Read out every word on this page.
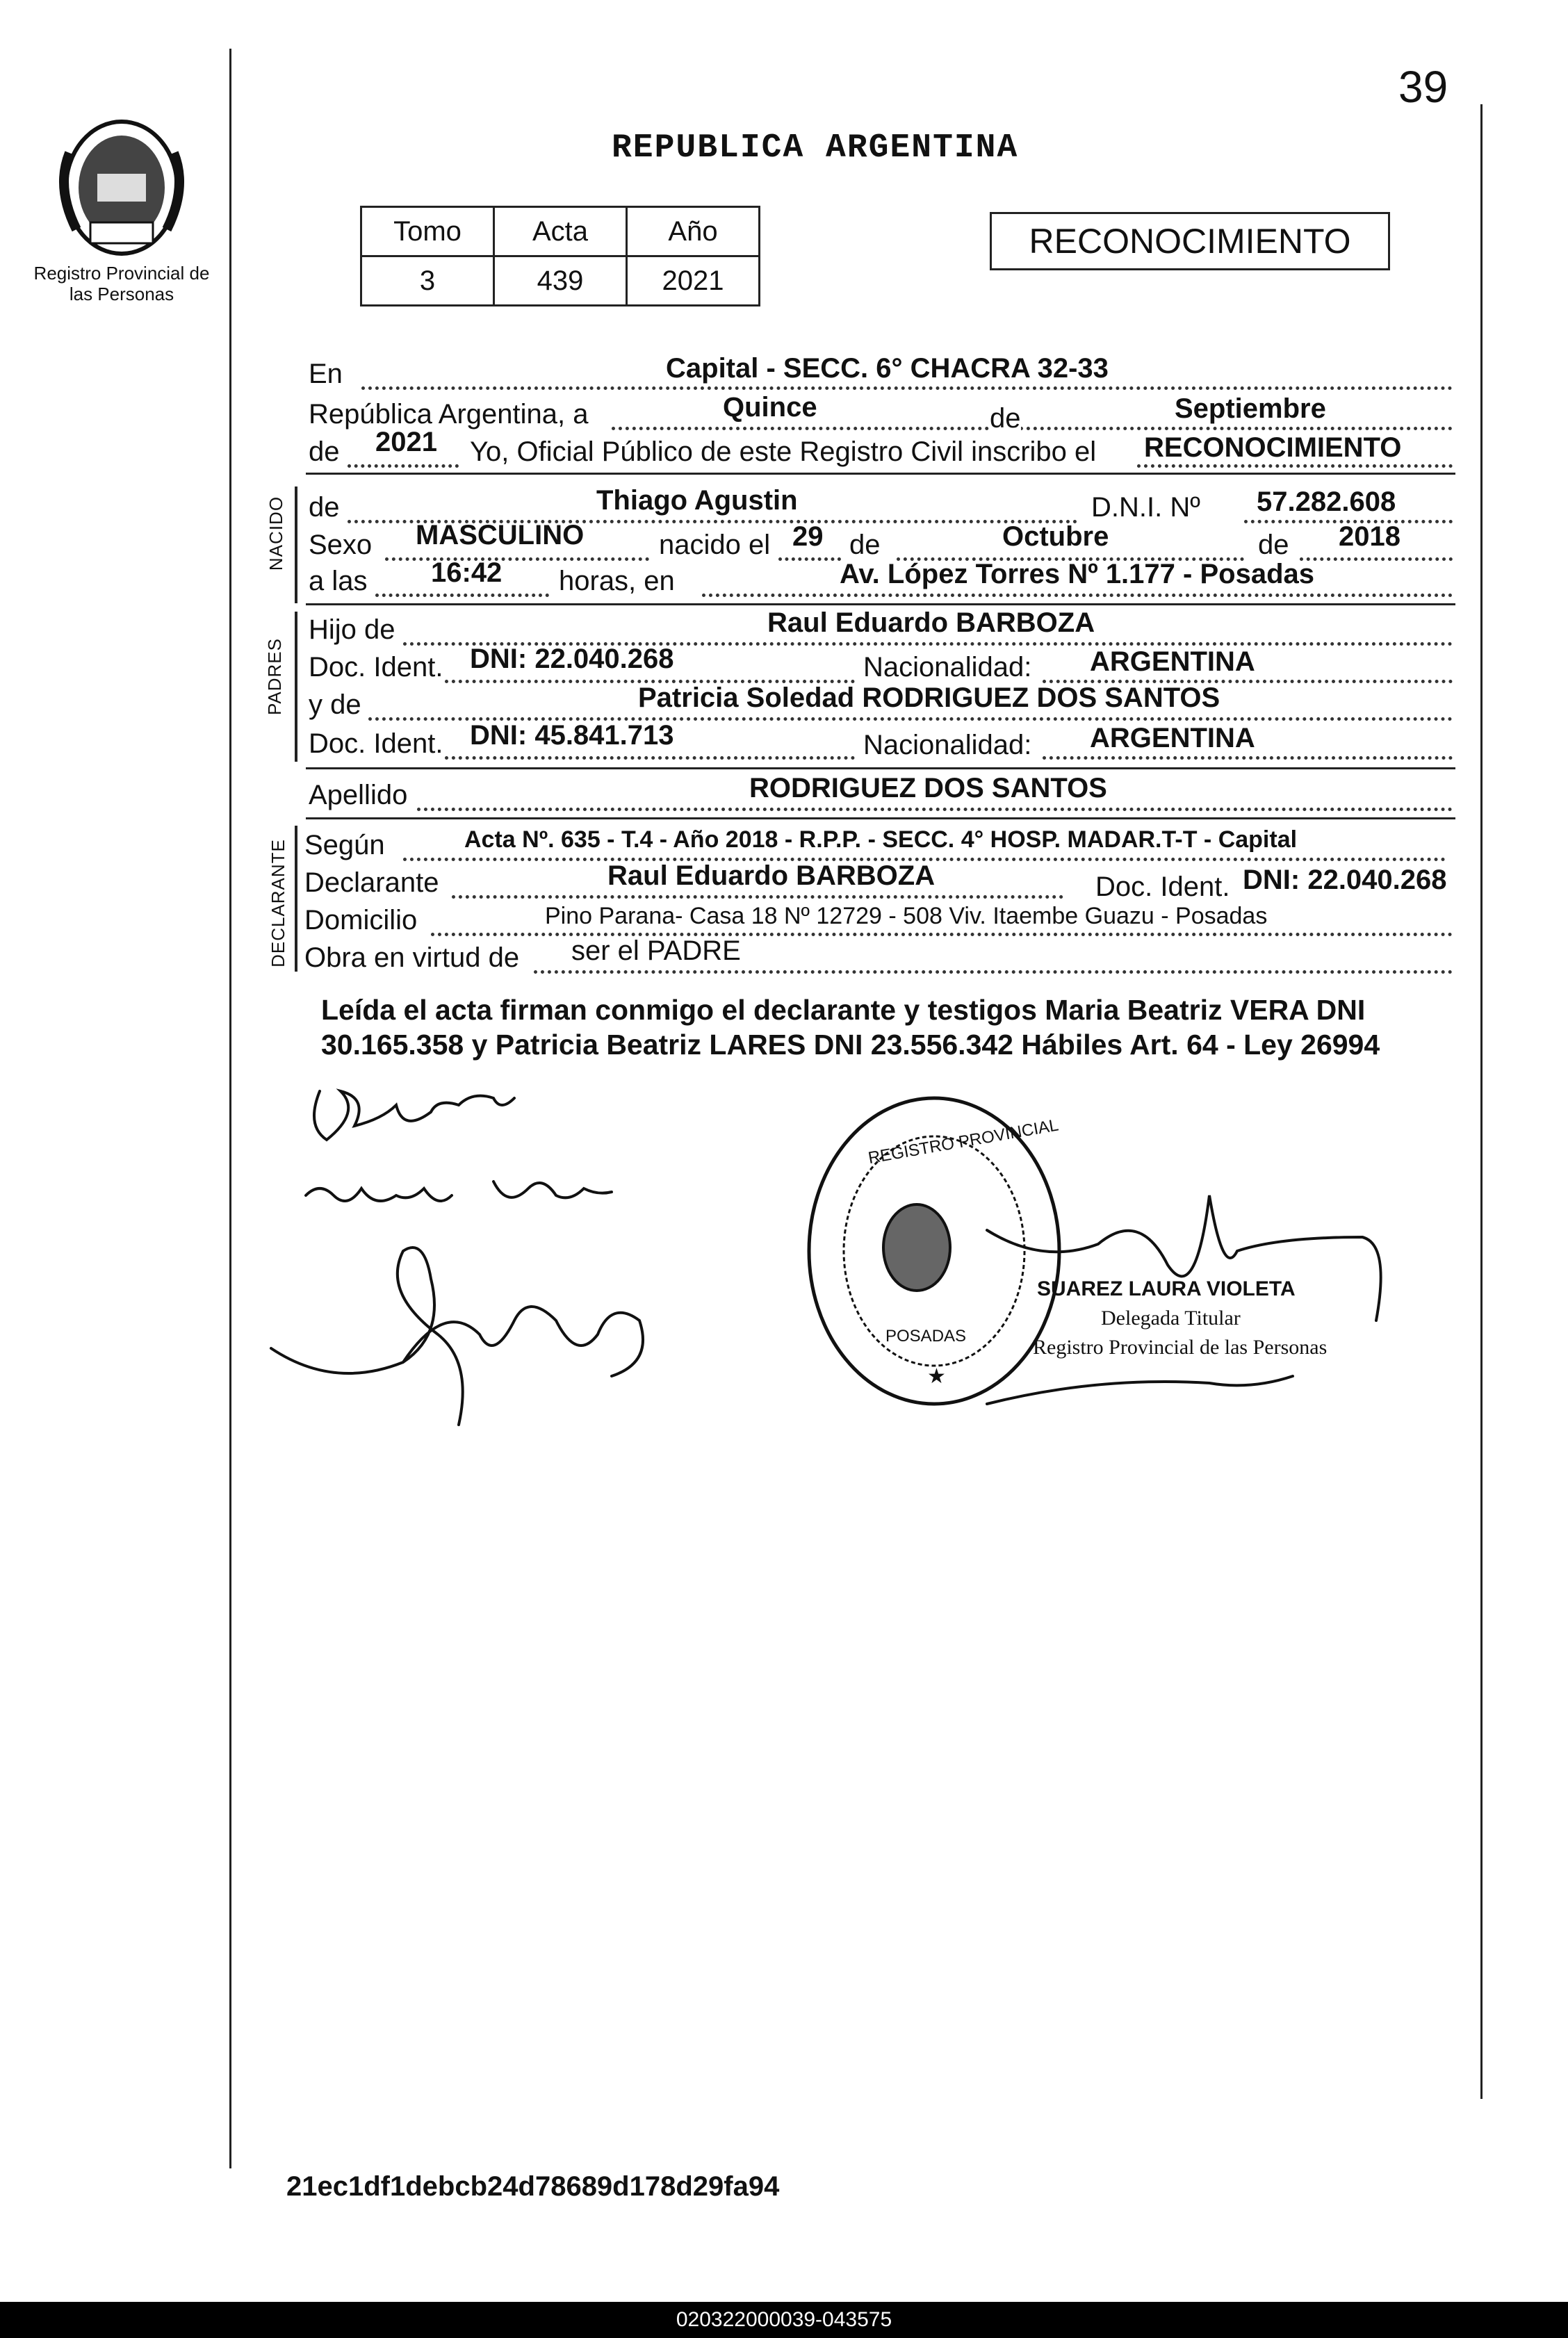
39
Registro Provincial de las Personas
REPUBLICA ARGENTINA
Tomo	Acta	Año
3	439	2021
RECONOCIMIENTO
En	Capital - SECC. 6° CHACRA 32-33
República Argentina, a	Quince	de	Septiembre
de 2021 Yo, Oficial Público de este Registro Civil inscribo el RECONOCIMIENTO
NACIDO de	Thiago Agustin	D.N.I. Nº 57.282.608
Sexo MASCULINO	nacido el 29 de	Octubre	de 2018
a las 16:42 horas, en	Av. López Torres Nº 1.177 - Posadas
PADRES
Hijo de	Raul Eduardo BARBOZA
Doc. Ident. DNI: 22.040.268	Nacionalidad: ARGENTINA
y de	Patricia Soledad RODRIGUEZ DOS SANTOS
Doc. Ident. DNI: 45.841.713	Nacionalidad: ARGENTINA
Apellido	RODRIGUEZ DOS SANTOS
DECLARANTE Según	Acta Nº. 635 - T.4 - Año 2018 - R.P.P. - SECC. 4° HOSP. MADAR.T-T - Capital
Declarante	Raul Eduardo BARBOZA	Doc. Ident. DNI: 22.040.268
Domicilio	Pino Parana- Casa 18 Nº 12729 - 508 Viv. Itaembe Guazu - Posadas
Obra en virtud de ser el PADRE
Leída el acta firman conmigo el declarante y testigos Maria Beatriz VERA DNI 30.165.358 y Patricia Beatriz LARES DNI 23.556.342 Hábiles Art. 64 - Ley 26994
REGISTRO PROVINCIAL
POSADAS
★
SUAREZ LAURA VIOLETA
Delegada Titular
Registro Provincial de las Personas
21ec1df1debcb24d78689d178d29fa94
020322000039-043575
